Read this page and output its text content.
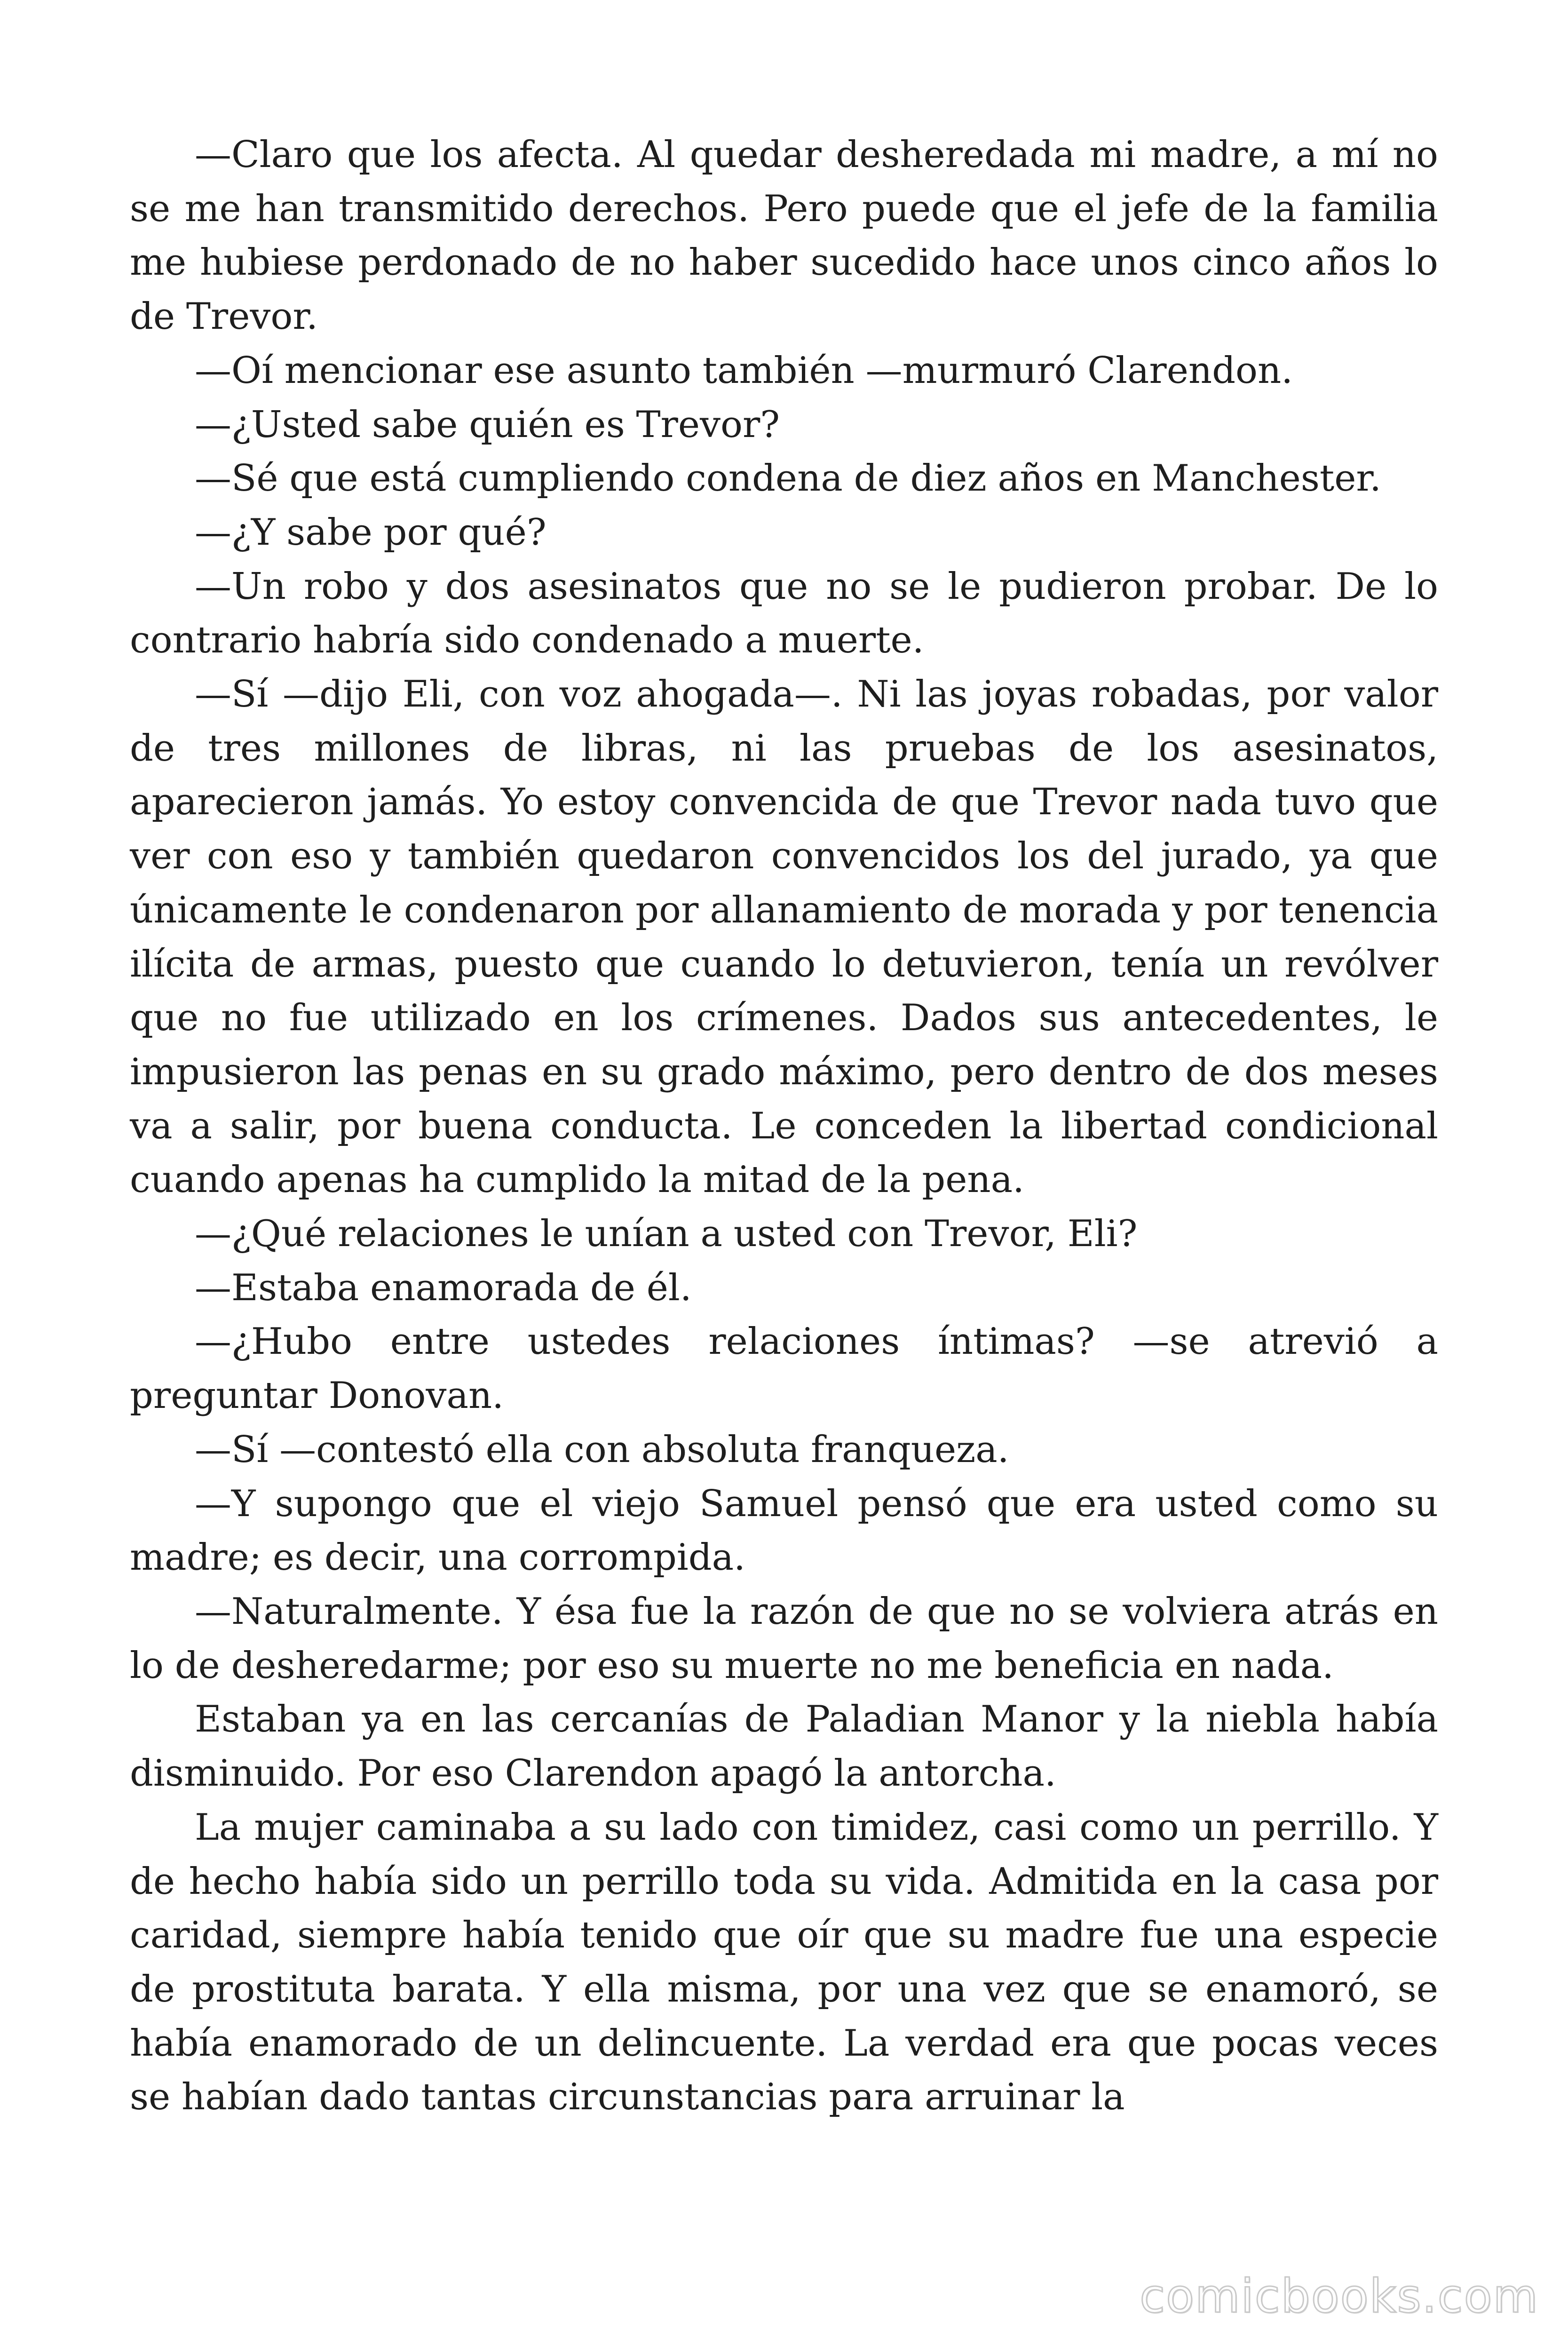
—Claro que los afecta. Al quedar desheredada mi madre, a mí no se me han transmitido derechos. Pero puede que el jefe de la familia me hubiese perdonado de no haber sucedido hace unos cinco años lo de Trevor.

—Oí mencionar ese asunto también —murmuró Clarendon.

—¿Usted sabe quién es Trevor?

—Sé que está cumpliendo condena de diez años en Manchester.

—¿Y sabe por qué?

—Un robo y dos asesinatos que no se le pudieron probar. De lo contrario habría sido condenado a muerte.

—Sí —dijo Eli, con voz ahogada—. Ni las joyas robadas, por valor de tres millones de libras, ni las pruebas de los asesinatos, aparecieron jamás. Yo estoy convencida de que Trevor nada tuvo que ver con eso y también quedaron convencidos los del jurado, ya que únicamente le condenaron por allanamiento de morada y por tenencia ilícita de armas, puesto que cuando lo detuvieron, tenía un revólver que no fue utilizado en los crímenes. Dados sus antecedentes, le impusieron las penas en su grado máximo, pero dentro de dos meses va a salir, por buena conducta. Le conceden la libertad condicional cuando apenas ha cumplido la mitad de la pena.

—¿Qué relaciones le unían a usted con Trevor, Eli?

—Estaba enamorada de él.

—¿Hubo entre ustedes relaciones íntimas? —se atrevió a preguntar Donovan.

—Sí —contestó ella con absoluta franqueza.

—Y supongo que el viejo Samuel pensó que era usted como su madre; es decir, una corrompida.

—Naturalmente. Y ésa fue la razón de que no se volviera atrás en lo de desheredarme; por eso su muerte no me beneficia en nada.

Estaban ya en las cercanías de Paladian Manor y la niebla había disminuido. Por eso Clarendon apagó la antorcha.

La mujer caminaba a su lado con timidez, casi como un perrillo. Y de hecho había sido un perrillo toda su vida. Admitida en la casa por caridad, siempre había tenido que oír que su madre fue una especie de prostituta barata. Y ella misma, por una vez que se enamoró, se había enamorado de un delincuente. La verdad era que pocas veces se habían dado tantas circunstancias para arruinar la

comicbooks.com
